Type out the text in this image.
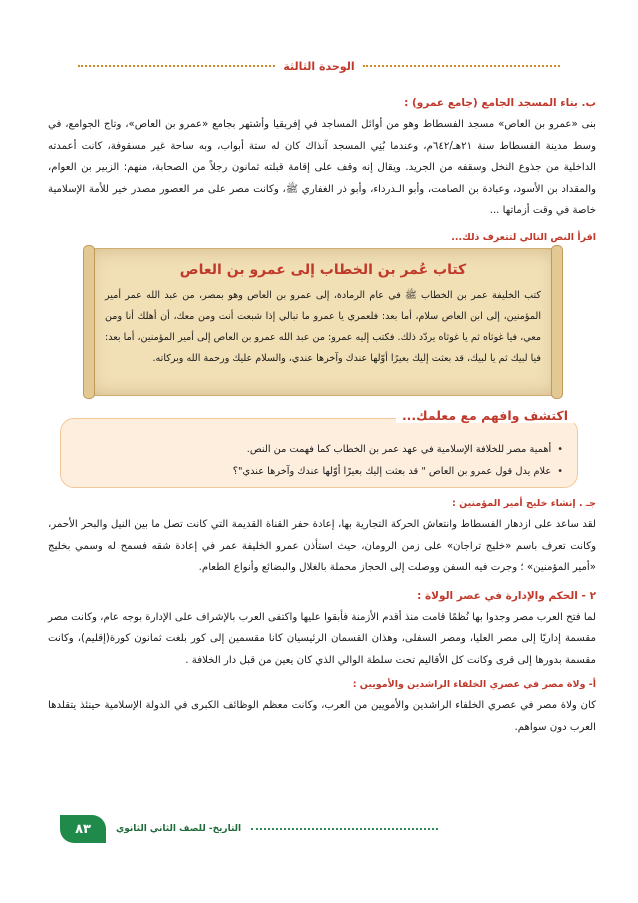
الوحدة الثالثة
ب. بناء المسجد الجامع (جامع عمرو) :
بنى «عمرو بن العاص» مسجد الفسطاط وهو من أوائل المساجد في إفريقيا وأشتهر بجامع «عمرو بن العاص»، وتاج الجوامع، في وسط مدينة الفسطاط سنة ٢١هـ/٦٤٢م، وعندما بُنِي المسجد آنذاك كان له ستة أبواب، وبه ساحة غير مسقوفة، كانت أعمدته الداخلية من جذوع النخل وسقفه من الجريد. ويقال إنه وقف على إقامة قبلته ثمانون رجلاً من الصحابة، منهم: الزبير بن العوام، والمقداد بن الأسود، وعبادة بن الصامت، وأبو الـدرداء، وأبو ذر الغفاري ﷺ، وكانت مصر على مر العصور مصدر خير للأمة الإسلامية خاصة في وقت أزماتها ...
اقرأ النص التالي لتتعرف ذلك...
كتاب عُمر بن الخطاب إلى عمرو بن العاص
كتب الخليفة عمر بن الخطاب ﷺ في عام الرمادة، إلى عمرو بن العاص وهو بمصر، من عبد الله عمر أمير المؤمنين، إلى ابن العاص سلام، أما بعد: فلعمري يا عمرو ما تبالي إذا شبعت أنت ومن معك، أن أهلك أنا ومن معي، فيا غوثاه ثم يا غوثاه يردّد ذلك. فكتب إليه عمرو: من عبد الله عمرو بن العاص إلى أمير المؤمنين، أما بعد: فيا لبيك ثم يا لبيك، قد بعثت إليك بعيرًا أوّلها عندك وآخرها عندي، والسلام عليك ورحمة الله وبركاته.
• أهمية مصر للخلافة الإسلامية في عهد عمر بن الخطاب كما فهمت من النص.
• علام يدل قول عمرو بن العاص " قد بعثت إليك بعيرًا أوّلها عندك وآخرها عندي"؟
اكتشف وافهم مع معلمك...
جـ . إنشاء خليج أمير المؤمنين :
لقد ساعد على ازدهار الفسطاط وانتعاش الحركة التجارية بها، إعادة حفر القناة القديمة التي كانت تصل ما بين النيل والبحر الأحمر، وكانت تعرف باسم «خليج تراجان» على زمن الرومان، حيث استأذن عمرو الخليفة عمر في إعادة شقه فسمح له وسمي بخليج «أمير المؤمنين» ؛ وجرت فيه السفن ووصلت إلى الحجاز محملة بالغلال والبضائع وأنواع الطعام.
٢ - الحكم والإدارة في عصر الولاة :
لما فتح العرب مصر وجدوا بها نُظمًا قامت منذ أقدم الأزمنة فأبقوا عليها واكتفى العرب بالإشراف على الإدارة بوجه عام، وكانت مصر مقسمة إداريًا إلى مصر العليا، ومصر السفلى، وهذان القسمان الرئيسيان كانا مقسمين إلى كور بلغت ثمانون كورة(إقليم)، وكانت مقسمة بدورها إلى قرى وكانت كل الأقاليم تحت سلطة الوالي الذي كان يعين من قبل دار الخلافة .
أ- ولاة مصر في عصري الخلفاء الراشدين والأمويين :
كان ولاة مصر في عصري الخلفاء الراشدين والأمويين من العرب، وكانت معظم الوظائف الكبرى في الدولة الإسلامية حينئذ يتقلدها العرب دون سواهم.
التاريخ- للصف الثاني الثانوي
٨٣
